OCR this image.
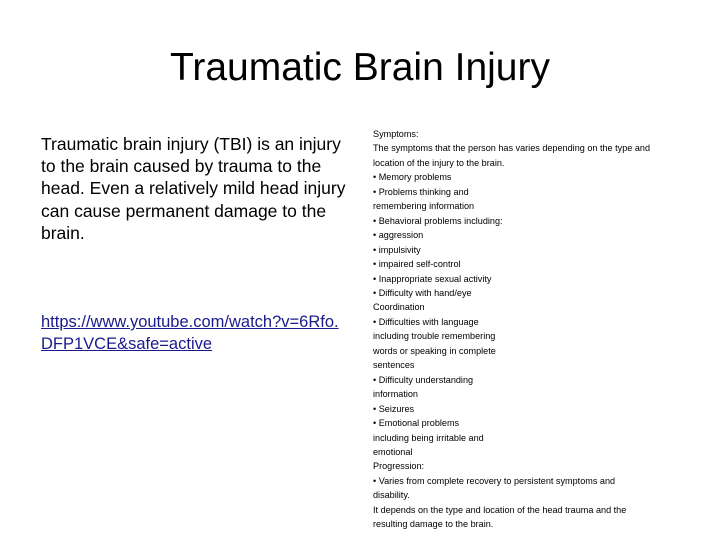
Traumatic Brain Injury
Traumatic brain injury (TBI) is an injury to the brain caused by trauma to the head. Even a relatively mild head injury can cause permanent damage to the brain.
https://www.youtube.com/watch?v=6Rfo.DFP1VCE&safe=active
Symptoms:
The symptoms that the person has varies depending on the type and
location of the injury to the brain.
• Memory problems
• Problems thinking and
remembering information
• Behavioral problems including:
• aggression
• impulsivity
• impaired self-control
• Inappropriate sexual activity
• Difficulty with hand/eye
Coordination
• Difficulties with language
including trouble remembering
words or speaking in complete
sentences
• Difficulty understanding
information
• Seizures
• Emotional problems
including being irritable and
emotional
Progression:
• Varies from complete recovery to persistent symptoms and
disability.
It depends on the type and location of the head trauma and the
resulting damage to the brain.
